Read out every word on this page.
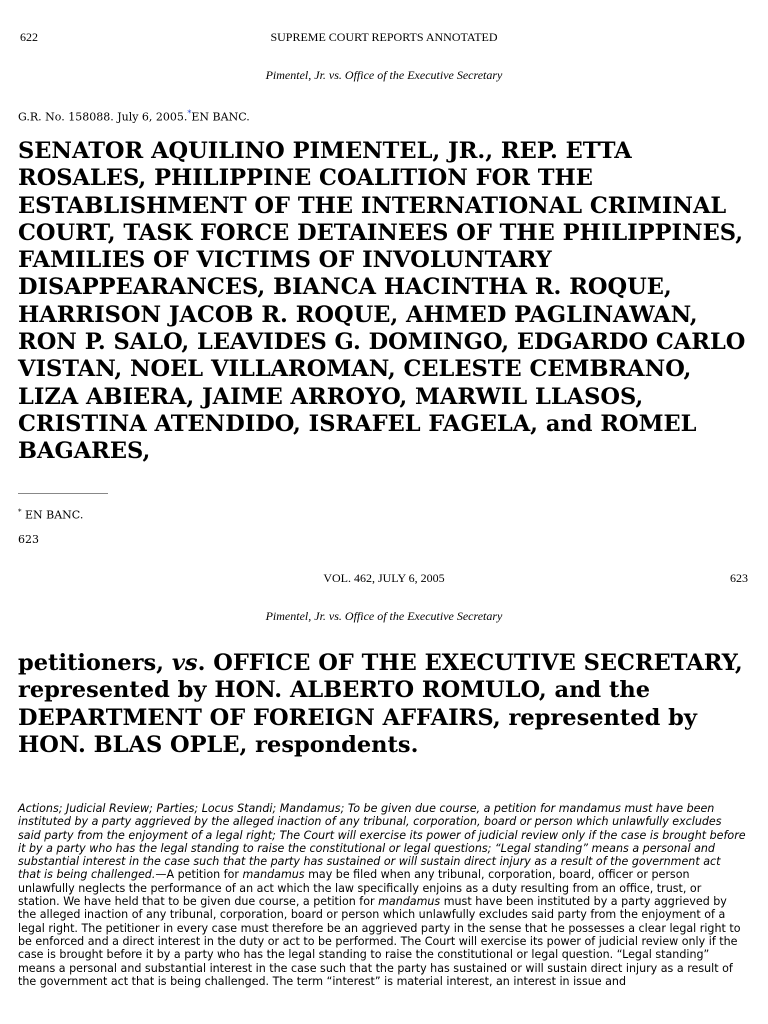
622	SUPREME COURT REPORTS ANNOTATED
Pimentel, Jr. vs. Office of the Executive Secretary
G.R. No. 158088. July 6, 2005.*EN BANC.

SENATOR AQUILINO PIMENTEL, JR., REP. ETTA ROSALES, PHILIPPINE COALITION FOR THE ESTABLISHMENT OF THE INTERNATIONAL CRIMINAL COURT, TASK FORCE DETAINEES OF THE PHILIPPINES, FAMILIES OF VICTIMS OF INVOLUNTARY DISAPPEARANCES, BIANCA HACINTHA R. ROQUE, HARRISON JACOB R. ROQUE, AHMED PAGLINAWAN, RON P. SALO, LEAVIDES G. DOMINGO, EDGARDO CARLO VISTAN, NOEL VILLAROMAN, CELESTE CEMBRANO, LIZA ABIERA, JAIME ARROYO, MARWIL LLASOS, CRISTINA ATENDIDO, ISRAFEL FAGELA, and ROMEL BAGARES,

* EN BANC.
623
VOL. 462, JULY 6, 2005	623
Pimentel, Jr. vs. Office of the Executive Secretary

petitioners, vs. OFFICE OF THE EXECUTIVE SECRETARY, represented by HON. ALBERTO ROMULO, and the DEPARTMENT OF FOREIGN AFFAIRS, represented by HON. BLAS OPLE, respondents.

Actions; Judicial Review; Parties; Locus Standi; Mandamus; To be given due course, a petition for mandamus must have been instituted by a party aggrieved by the alleged inaction of any tribunal, corporation, board or person which unlawfully excludes said party from the enjoyment of a legal right; The Court will exercise its power of judicial review only if the case is brought before it by a party who has the legal standing to raise the constitutional or legal questions; “Legal standing” means a personal and substantial interest in the case such that the party has sustained or will sustain direct injury as a result of the government act that is being challenged.—A petition for mandamus may be filed when any tribunal, corporation, board, officer or person unlawfully neglects the performance of an act which the law specifically enjoins as a duty resulting from an office, trust, or station. We have held that to be given due course, a petition for mandamus must have been instituted by a party aggrieved by the alleged inaction of any tribunal, corporation, board or person which unlawfully excludes said party from the enjoyment of a legal right. The petitioner in every case must therefore be an aggrieved party in the sense that he possesses a clear legal right to be enforced and a direct interest in the duty or act to be performed. The Court will exercise its power of judicial review only if the case is brought before it by a party who has the legal standing to raise the constitutional or legal question. “Legal standing” means a personal and substantial interest in the case such that the party has sustained or will sustain direct injury as a result of the government act that is being challenged. The term “interest” is material interest, an interest in issue and
